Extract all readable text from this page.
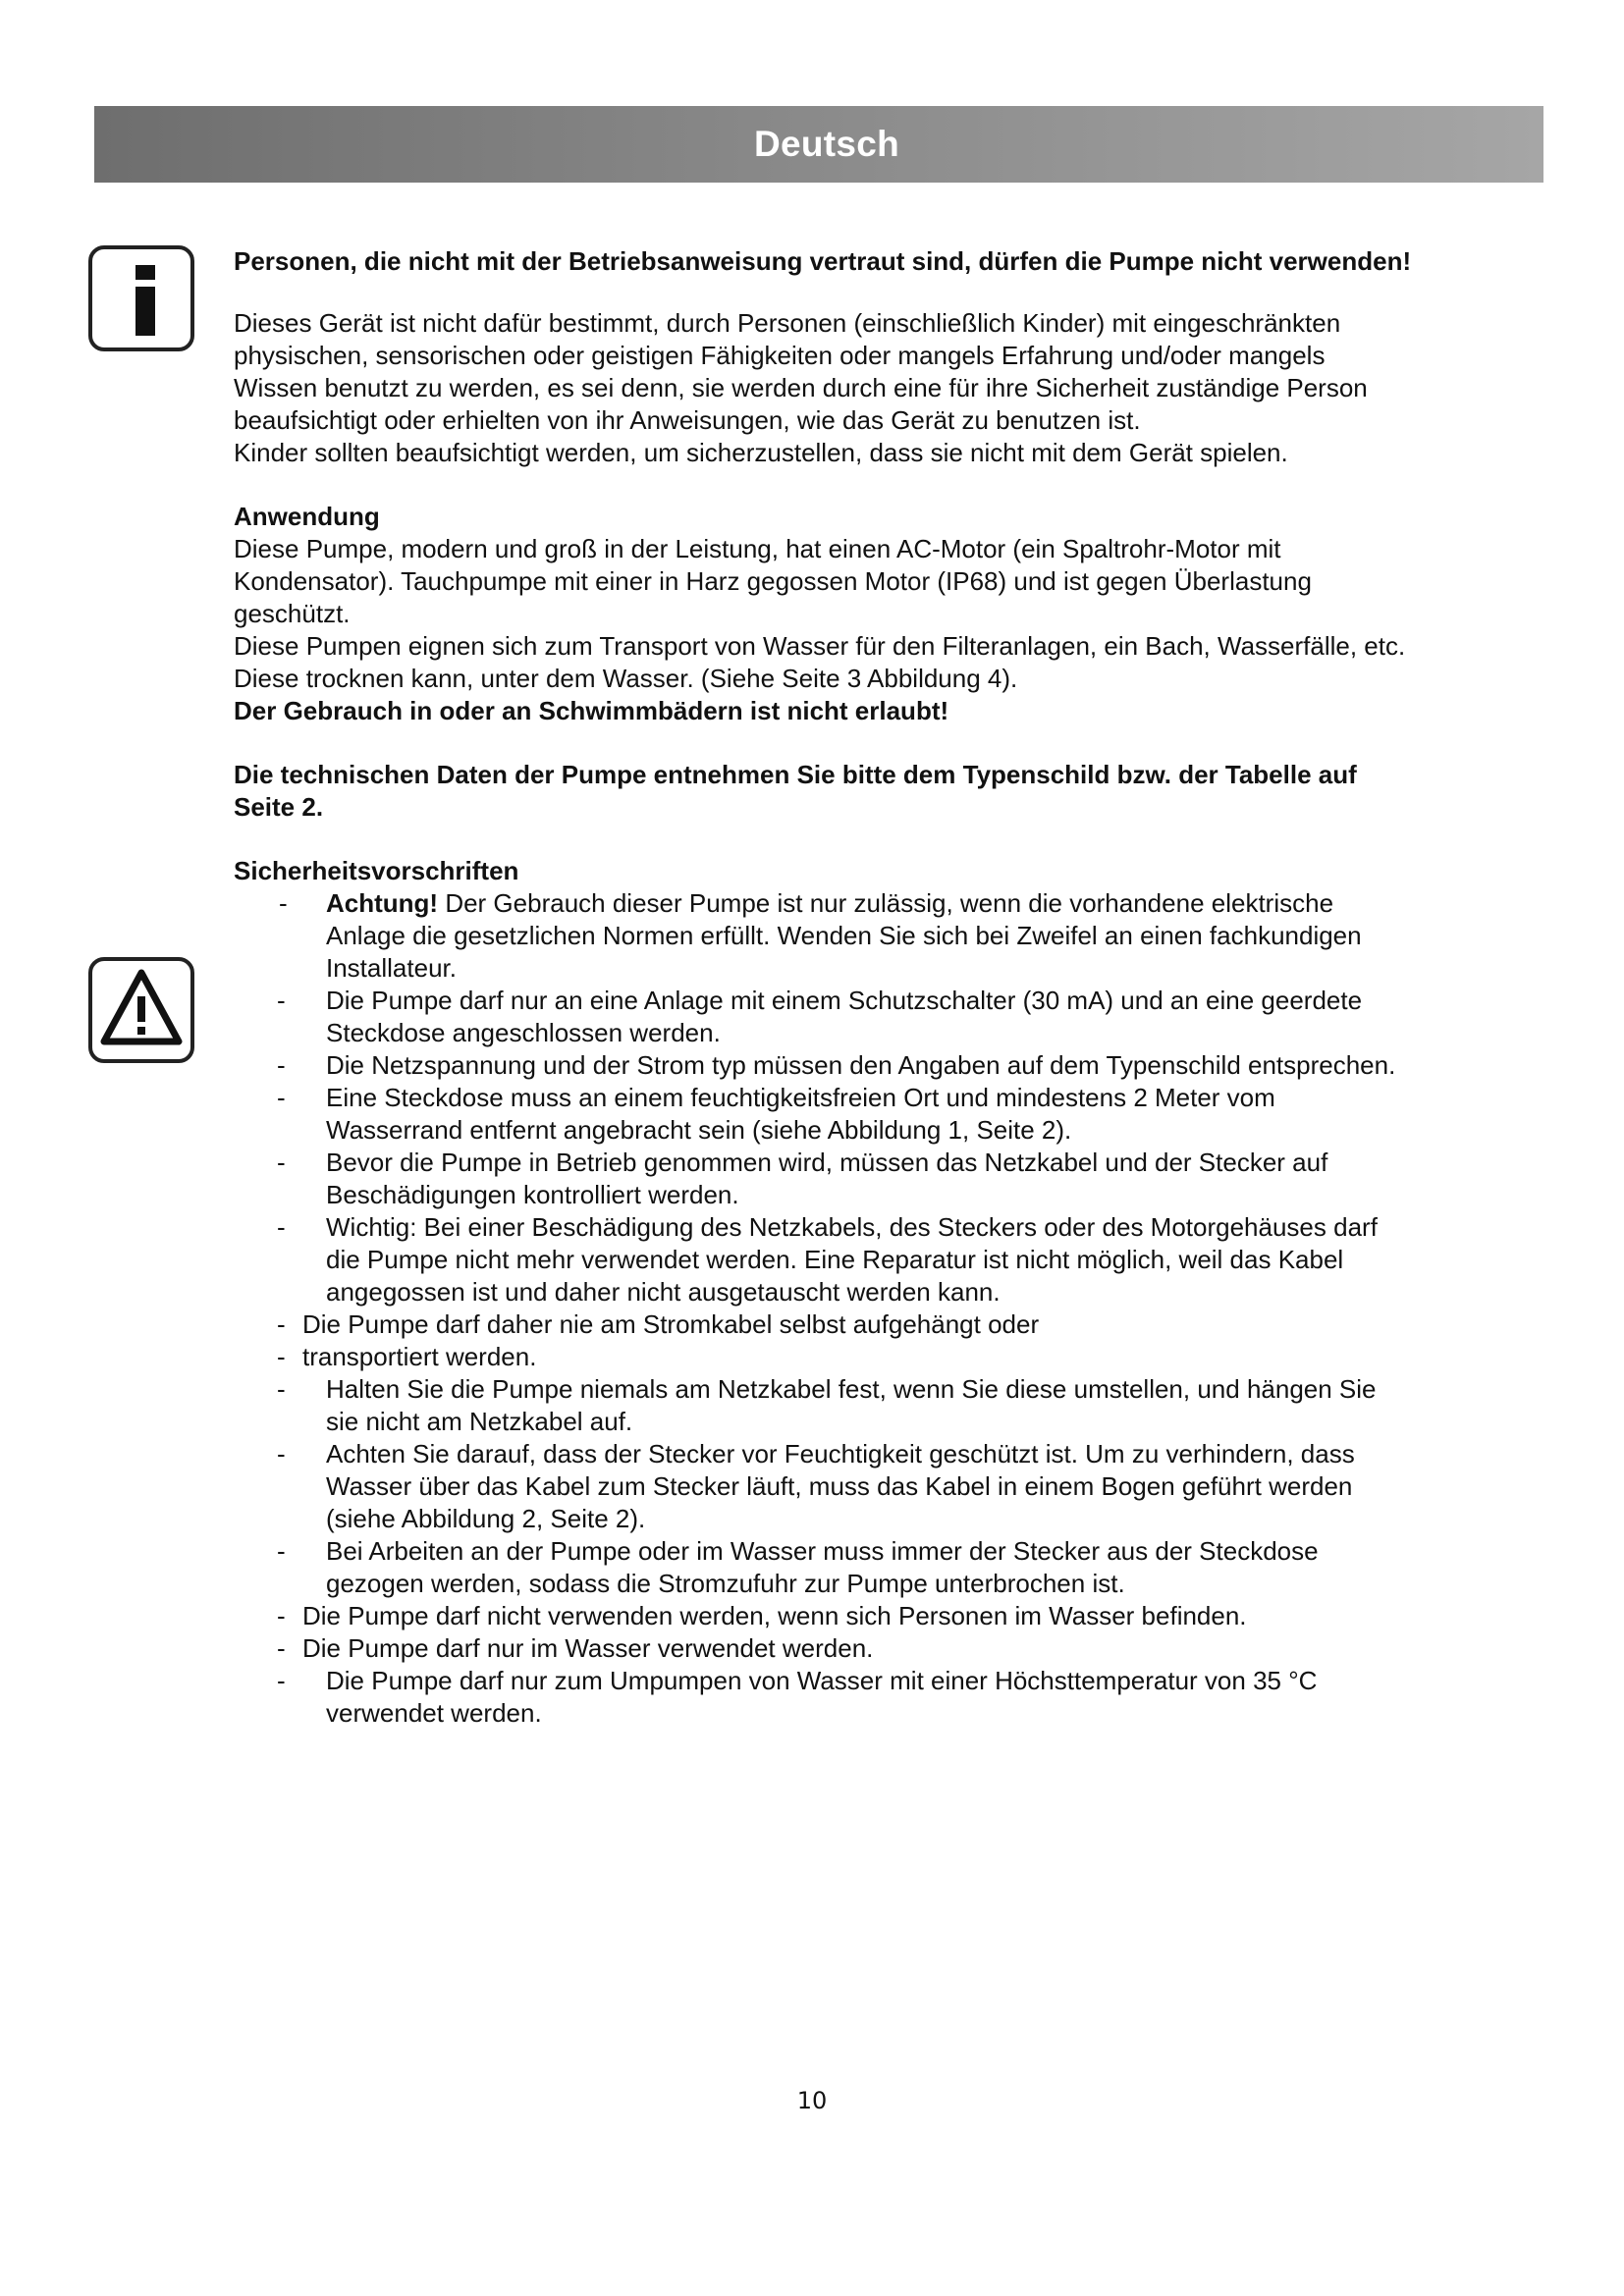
Deutsch

Personen, die nicht mit der Betriebsanweisung vertraut sind, dürfen die Pumpe nicht verwenden!

Dieses Gerät ist nicht dafür bestimmt, durch Personen (einschließlich Kinder) mit eingeschränkten physischen, sensorischen oder geistigen Fähigkeiten oder mangels Erfahrung und/oder mangels Wissen benutzt zu werden, es sei denn, sie werden durch eine für ihre Sicherheit zuständige Person beaufsichtigt oder erhielten von ihr Anweisungen, wie das Gerät zu benutzen ist.

Kinder sollten beaufsichtigt werden, um sicherzustellen, dass sie nicht mit dem Gerät spielen.

Anwendung

Diese Pumpe, modern und groß in der Leistung, hat einen AC-Motor (ein Spaltrohr-Motor mit Kondensator). Tauchpumpe mit einer in Harz gegossen Motor (IP68) und ist gegen Überlastung geschützt.

Diese Pumpen eignen sich zum Transport von Wasser für den Filteranlagen, ein Bach, Wasserfälle, etc. Diese trocknen kann, unter dem Wasser. (Siehe Seite 3 Abbildung 4).

Der Gebrauch in oder an Schwimmbädern ist nicht erlaubt!

Die technischen Daten der Pumpe entnehmen Sie bitte dem Typenschild bzw. der Tabelle auf Seite 2.

Sicherheitsvorschriften

- Achtung! Der Gebrauch dieser Pumpe ist nur zulässig, wenn die vorhandene elektrische Anlage die gesetzlichen Normen erfüllt. Wenden Sie sich bei Zweifel an einen fachkundigen Installateur.
- Die Pumpe darf nur an eine Anlage mit einem Schutzschalter (30 mA) und an eine geerdete Steckdose angeschlossen werden.
- Die Netzspannung und der Strom typ müssen den Angaben auf dem Typenschild entsprechen.
- Eine Steckdose muss an einem feuchtigkeitsfreien Ort und mindestens 2 Meter vom Wasserrand entfernt angebracht sein (siehe Abbildung 1, Seite 2).
- Bevor die Pumpe in Betrieb genommen wird, müssen das Netzkabel und der Stecker auf Beschädigungen kontrolliert werden.
- Wichtig: Bei einer Beschädigung des Netzkabels, des Steckers oder des Motorgehäuses darf die Pumpe nicht mehr verwendet werden. Eine Reparatur ist nicht möglich, weil das Kabel angegossen ist und daher nicht ausgetauscht werden kann.
- Die Pumpe darf daher nie am Stromkabel selbst aufgehängt oder
- transportiert werden.
- Halten Sie die Pumpe niemals am Netzkabel fest, wenn Sie diese umstellen, und hängen Sie sie nicht am Netzkabel auf.
- Achten Sie darauf, dass der Stecker vor Feuchtigkeit geschützt ist. Um zu verhindern, dass Wasser über das Kabel zum Stecker läuft, muss das Kabel in einem Bogen geführt werden (siehe Abbildung 2, Seite 2).
- Bei Arbeiten an der Pumpe oder im Wasser muss immer der Stecker aus der Steckdose gezogen werden, sodass die Stromzufuhr zur Pumpe unterbrochen ist.
- Die Pumpe darf nicht verwenden werden, wenn sich Personen im Wasser befinden.
- Die Pumpe darf nur im Wasser verwendet werden.
- Die Pumpe darf nur zum Umpumpen von Wasser mit einer Höchsttemperatur von 35 °C verwendet werden.
10
